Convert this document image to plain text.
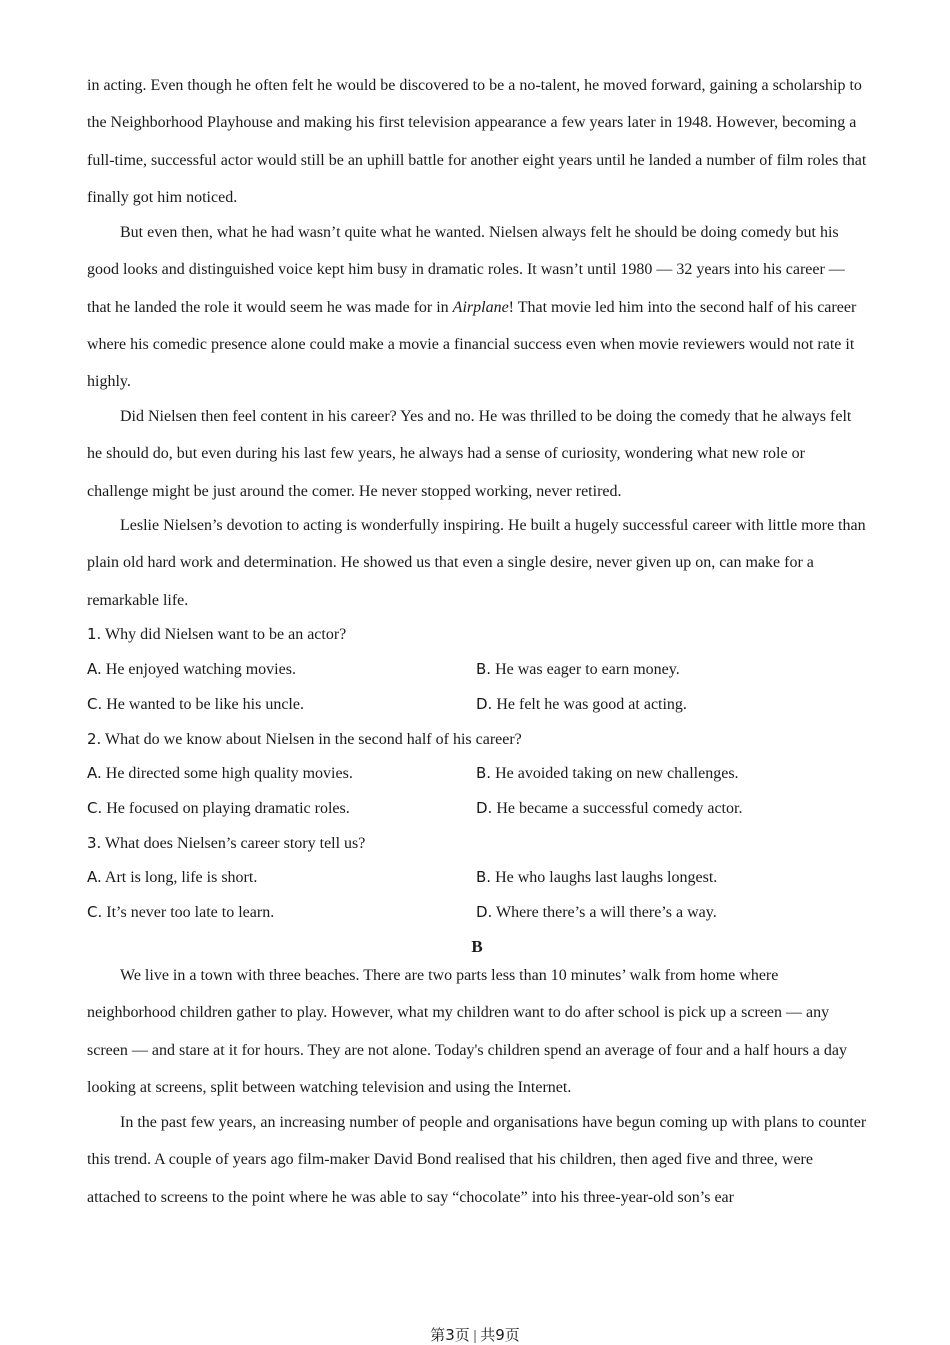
in acting. Even though he often felt he would be discovered to be a no-talent, he moved forward, gaining a scholarship to the Neighborhood Playhouse and making his first television appearance a few years later in 1948. However, becoming a full-time, successful actor would still be an uphill battle for another eight years until he landed a number of film roles that finally got him noticed.
But even then, what he had wasn’t quite what he wanted. Nielsen always felt he should be doing comedy but his good looks and distinguished voice kept him busy in dramatic roles. It wasn’t until 1980 — 32 years into his career — that he landed the role it would seem he was made for in Airplane! That movie led him into the second half of his career where his comedic presence alone could make a movie a financial success even when movie reviewers would not rate it highly.
Did Nielsen then feel content in his career? Yes and no. He was thrilled to be doing the comedy that he always felt he should do, but even during his last few years, he always had a sense of curiosity, wondering what new role or challenge might be just around the comer. He never stopped working, never retired.
Leslie Nielsen’s devotion to acting is wonderfully inspiring. He built a hugely successful career with little more than plain old hard work and determination. He showed us that even a single desire, never given up on, can make for a remarkable life.
1. Why did Nielsen want to be an actor?
A. He enjoyed watching movies.	B. He was eager to earn money.
C. He wanted to be like his uncle.	D. He felt he was good at acting.
2. What do we know about Nielsen in the second half of his career?
A. He directed some high quality movies.	B. He avoided taking on new challenges.
C. He focused on playing dramatic roles.	D. He became a successful comedy actor.
3. What does Nielsen’s career story tell us?
A. Art is long, life is short.	B. He who laughs last laughs longest.
C. It’s never too late to learn.	D. Where there’s a will there’s a way.
B
We live in a town with three beaches. There are two parts less than 10 minutes’ walk from home where neighborhood children gather to play. However, what my children want to do after school is pick up a screen — any screen — and stare at it for hours. They are not alone. Today's children spend an average of four and a half hours a day looking at screens, split between watching television and using the Internet.
In the past few years, an increasing number of people and organisations have begun coming up with plans to counter this trend. A couple of years ago film-maker David Bond realised that his children, then aged five and three, were attached to screens to the point where he was able to say “chocolate” into his three-year-old son’s ear
第3页 | 共9页
